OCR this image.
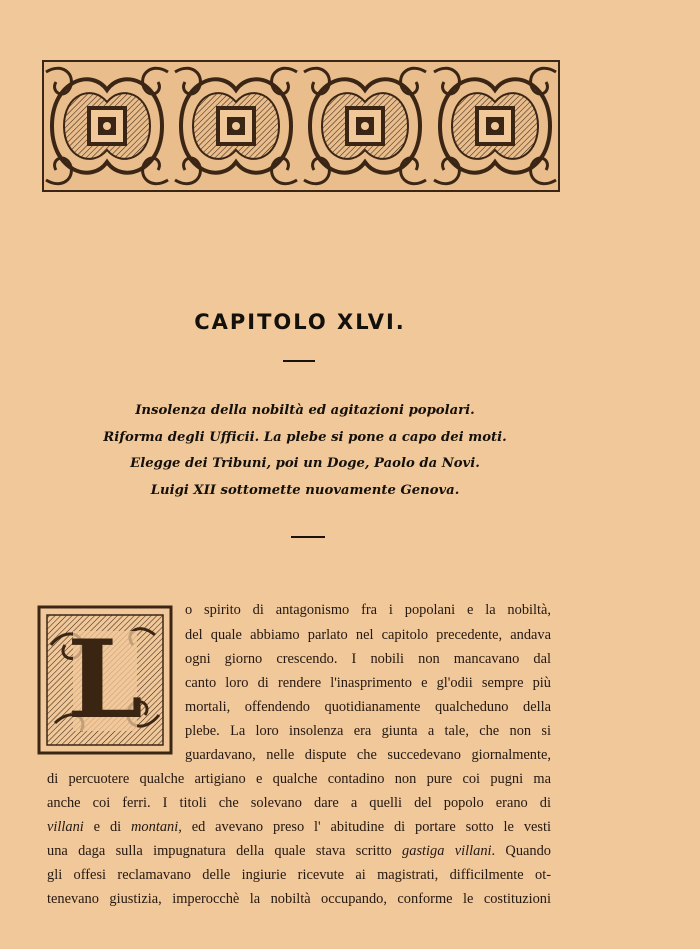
CAPITOLO XLVI.
Insolenza della nobiltà ed agitazioni popolari.
Riforma degli Ufficii. La plebe si pone a capo dei moti.
Elegge dei Tribuni, poi un Doge, Paolo da Novi.
Luigi XII sottomette nuovamente Genova.
L
o spirito di antagonismo fra i popolani e la nobiltà,
del quale abbiamo parlato nel capitolo precedente, andava
ogni giorno crescendo. I nobili non mancavano dal
canto loro di rendere l'inasprimento e gl'odii sempre più
mortali, offendendo quotidianamente qualcheduno della
plebe. La loro insolenza era giunta a tale, che non si
guardavano, nelle dispute che succedevano giornalmente,
di percuotere qualche artigiano e qualche contadino non pure coi pugni ma
anche coi ferri. I titoli che solevano dare a quelli del popolo erano di
villani e di montani, ed avevano preso l' abitudine di portare sotto le vesti
una daga sulla impugnatura della quale stava scritto gastiga villani. Quando
gli offesi reclamavano delle ingiurie ricevute ai magistrati, difficilmente ot-
tenevano giustizia, imperocchè la nobiltà occupando, conforme le costituzioni
